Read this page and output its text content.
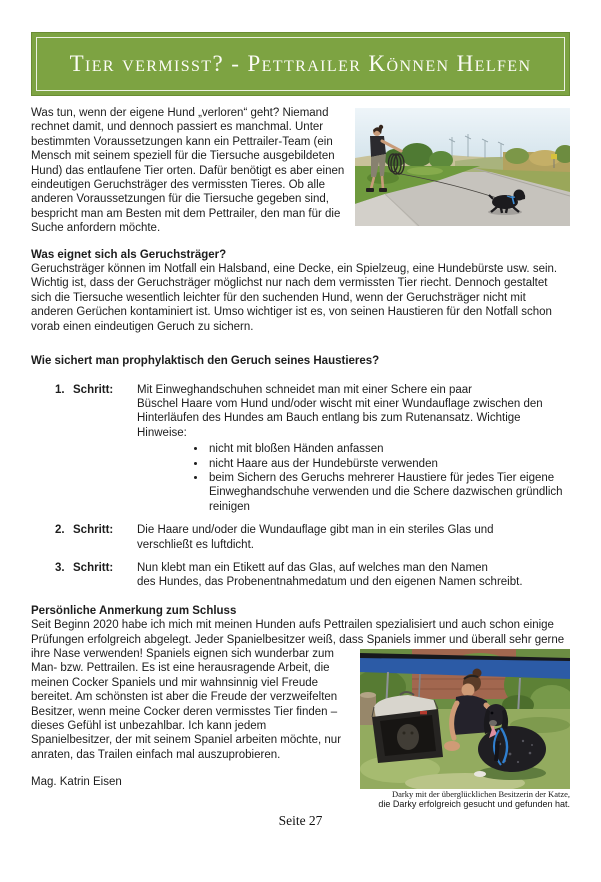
Tier vermisst? - Pettrailer Können Helfen
Was tun, wenn der eigene Hund „verloren“ geht? Niemand rechnet damit, und dennoch passiert es manchmal. Unter bestimmten Voraussetzungen kann ein Pettrailer-Team (ein Mensch mit seinem speziell für die Tiersuche ausgebildeten Hund) das entlaufene Tier orten. Dafür benötigt es aber einen eindeutigen Geruchsträger des vermissten Tieres. Ob alle anderen Voraussetzungen für die Tiersuche gegeben sind, bespricht man am Besten mit dem Pettrailer, den man für die Suche anfordern möchte.

Was eignet sich als Geruchsträger?

Geruchsträger können im Notfall ein Halsband, eine Decke, ein Spielzeug, eine Hundebürste usw. sein. Wichtig ist, dass der Geruchsträger möglichst nur nach dem vermissten Tier riecht. Dennoch gestaltet sich die Tiersuche wesentlich leichter für den suchenden Hund, wenn der Geruchsträger nicht mit anderen Gerüchen kontaminiert ist. Umso wichtiger ist es, von seinen Haustieren für den Notfall schon vorab einen eindeutigen Geruch zu sichern.

Wie sichert man prophylaktisch den Geruch seines Haustieres?

1. Schritt:	Mit Einweghandschuhen schneidet man mit einer Schere ein paar
Büschel Haare vom Hund und/oder wischt mit einer Wundauflage zwischen den
Hinterläufen des Hundes am Bauch entlang bis zum Rutenansatz. Wichtige Hinweise:
• nicht mit bloßen Händen anfassen
• nicht Haare aus der Hundebürste verwenden
• beim Sichern des Geruchs mehrerer Haustiere für jedes Tier eigene Einweghandschuhe verwenden und die Schere dazwischen gründlich reinigen
2. Schritt:	Die Haare und/oder die Wundauflage gibt man in ein steriles Glas und
verschließt es luftdicht.
3. Schritt:	Nun klebt man ein Etikett auf das Glas, auf welches man den Namen
des Hundes, das Probenentnahmedatum und den eigenen Namen schreibt.

Persönliche Anmerkung zum Schluss

Seit Beginn 2020 habe ich mich mit meinen Hunden aufs Pettrailen spezialisiert und auch schon einige Prüfungen erfolgreich abgelegt. Jeder Spanielbesitzer weiß, dass Spaniels immer und überall sehr gerne
Darky mit der überglücklichen Besitzerin der Katze,
die Darky erfolgreich gesucht und gefunden hat.
ihre Nase verwenden! Spaniels eignen sich wunderbar zum Man- bzw. Pettrailen. Es ist eine herausragende Arbeit, die meinen Cocker Spaniels und mir wahnsinnig viel Freude bereitet. Am schönsten ist aber die Freude der verzweifelten Besitzer, wenn meine Cocker deren vermisstes Tier finden – dieses Gefühl ist unbezahlbar. Ich kann jedem Spanielbesitzer, der mit seinem Spaniel arbeiten möchte, nur anraten, das Trailen einfach mal auszuprobieren.
Mag. Katrin Eisen
Seite 27
